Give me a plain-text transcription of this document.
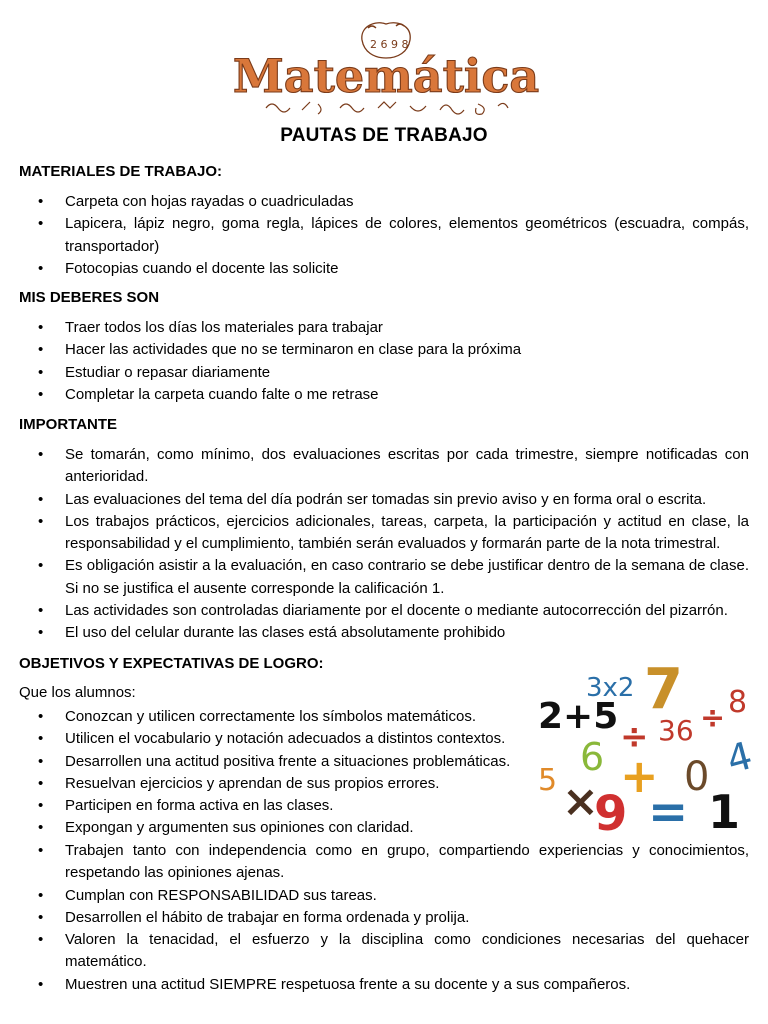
2 6 9 8
Matemática
PAUTAS DE TRABAJO
MATERIALES DE TRABAJO:
• Carpeta con hojas rayadas o cuadriculadas
• Lapicera, lápiz negro, goma regla, lápices de colores, elementos geométricos (escuadra, compás, transportador)
• Fotocopias cuando el docente las solicite
MIS DEBERES SON
• Traer todos los días los materiales para trabajar
• Hacer las actividades que no se terminaron en clase para la próxima
• Estudiar o repasar diariamente
• Completar la carpeta cuando falte o me retrase
IMPORTANTE
• Se tomarán, como mínimo, dos evaluaciones escritas por cada trimestre, siempre notificadas con anterioridad.
• Las evaluaciones del tema del día podrán ser tomadas sin previo aviso y en forma oral o escrita.
• Los trabajos prácticos, ejercicios adicionales, tareas, carpeta, la participación y actitud en clase, la responsabilidad y el cumplimiento, también serán evaluados y formarán parte de la nota trimestral.
• Es obligación asistir a la evaluación, en caso contrario se debe justificar dentro de la semana de clase. Si no se justifica el ausente corresponde la calificación 1.
• Las actividades son controladas diariamente por el docente o mediante autocorrección del pizarrón.
• El uso del celular durante las clases está absolutamente prohibido
OBJETIVOS Y EXPECTATIVAS DE LOGRO:
Que los alumnos:
• Conozcan y utilicen correctamente los símbolos matemáticos.
• Utilicen el vocabulario y notación adecuados a distintos contextos.
• Desarrollen una actitud positiva frente a situaciones problemáticas.
• Resuelvan ejercicios y aprendan de sus propios errores.
• Participen en forma activa en las clases.
• Expongan y argumenten sus opiniones con claridad.
• Trabajen tanto con independencia como en grupo, compartiendo experiencias y conocimientos, respetando las opiniones ajenas.
• Cumplan con RESPONSABILIDAD sus tareas.
• Desarrollen el hábito de trabajar en forma ordenada y prolija.
• Valoren la tenacidad, el esfuerzo y la disciplina como condiciones necesarias del quehacer matemático.
• Muestren una actitud SIEMPRE respetuosa frente a su docente y a sus compañeros.
3x2 7
2+5 ÷ 36 ÷ 8
6	4
5 + 0
×
9 = 1
